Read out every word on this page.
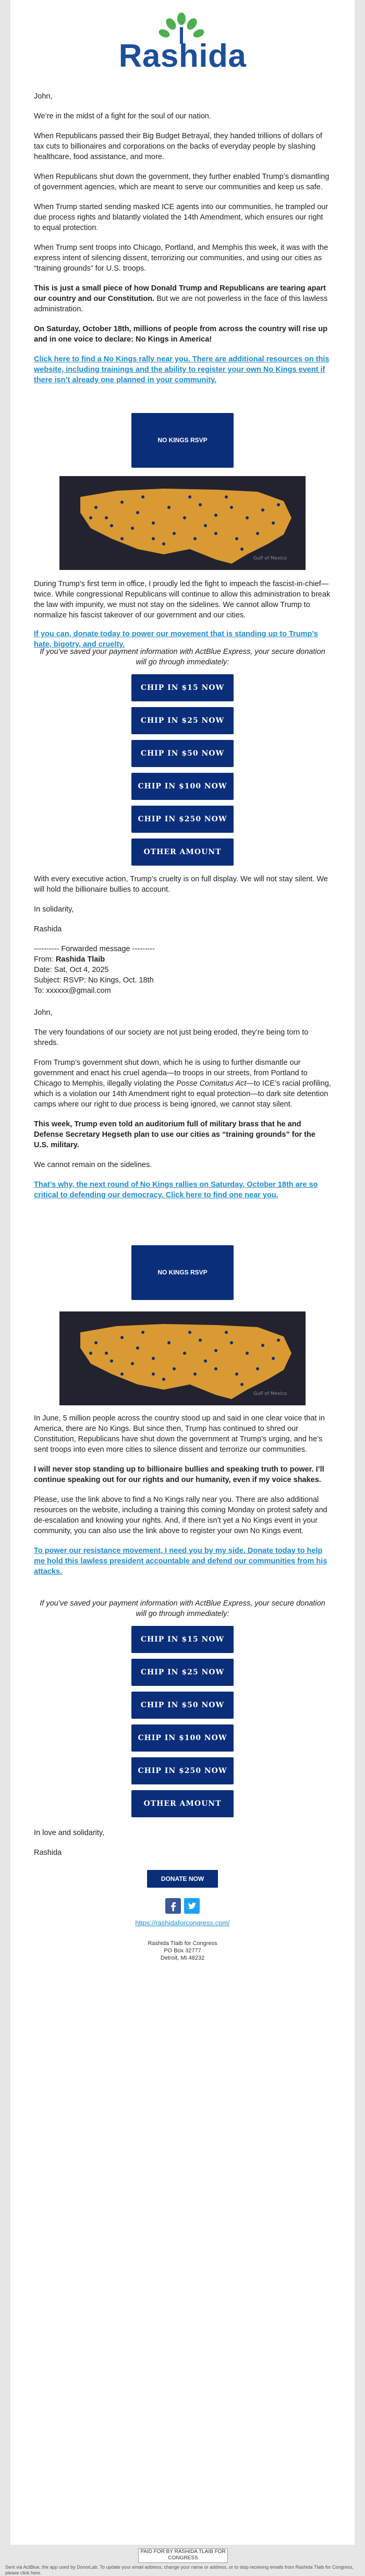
Rashida

John,

We’re in the midst of a fight for the soul of our nation.

When Republicans passed their Big Budget Betrayal, they handed trillions of dollars of tax cuts to billionaires and corporations on the backs of everyday people by slashing healthcare, food assistance, and more.

When Republicans shut down the government, they further enabled Trump’s dismantling of government agencies, which are meant to serve our communities and keep us safe.

When Trump started sending masked ICE agents into our communities, he trampled our due process rights and blatantly violated the 14th Amendment, which ensures our right to equal protection.

When Trump sent troops into Chicago, Portland, and Memphis this week, it was with the express intent of silencing dissent, terrorizing our communities, and using our cities as “training grounds” for U.S. troops.

This is just a small piece of how Donald Trump and Republicans are tearing apart our country and our Constitution. But we are not powerless in the face of this lawless administration.

On Saturday, October 18th, millions of people from across the country will rise up and in one voice to declare: No Kings in America!

Click here to find a No Kings rally near you. There are additional resources on this website, including trainings and the ability to register your own No Kings event if there isn’t already one planned in your community.

NO KINGS RSVP
Gulf of Mexico

During Trump’s first term in office, I proudly led the fight to impeach the fascist-in-chief—twice. While congressional Republicans will continue to allow this administration to break the law with impunity, we must not stay on the sidelines. We cannot allow Trump to normalize his fascist takeover of our government and our cities.

If you can, donate today to power our movement that is standing up to Trump’s hate, bigotry, and cruelty.

If you’ve saved your payment information with ActBlue Express, your secure donation will go through immediately:
CHIP IN $15 NOW
CHIP IN $25 NOW
CHIP IN $50 NOW
CHIP IN $100 NOW
CHIP IN $250 NOW
OTHER AMOUNT

With every executive action, Trump’s cruelty is on full display. We will not stay silent. We will hold the billionaire bullies to account.

In solidarity,

Rashida

---------- Forwarded message ---------

From: Rashida Tlaib

Date: Sat, Oct 4, 2025

Subject: RSVP: No Kings, Oct. 18th

To: xxxxxx@gmail.com

John,

The very foundations of our society are not just being eroded, they’re being torn to shreds.

From Trump’s government shut down, which he is using to further dismantle our government and enact his cruel agenda—to troops in our streets, from Portland to Chicago to Memphis, illegally violating the Posse Comitatus Act—to ICE’s racial profiling, which is a violation our 14th Amendment right to equal protection—to dark site detention camps where our right to due process is being ignored, we cannot stay silent.

This week, Trump even told an auditorium full of military brass that he and Defense Secretary Hegseth plan to use our cities as “training grounds” for the U.S. military.

We cannot remain on the sidelines.

That’s why, the next round of No Kings rallies on Saturday, October 18th are so critical to defending our democracy. Click here to find one near you.

NO KINGS RSVP
Gulf of Mexico

In June, 5 million people across the country stood up and said in one clear voice that in America, there are No Kings. But since then, Trump has continued to shred our Constitution, Republicans have shut down the government at Trump’s urging, and he’s sent troops into even more cities to silence dissent and terrorize our communities.

I will never stop standing up to billionaire bullies and speaking truth to power. I’ll continue speaking out for our rights and our humanity, even if my voice shakes.

Please, use the link above to find a No Kings rally near you. There are also additional resources on the website, including a training this coming Monday on protest safety and de-escalation and knowing your rights. And, if there isn’t yet a No Kings event in your community, you can also use the link above to register your own No Kings event.

To power our resistance movement, I need you by my side. Donate today to help me hold this lawless president accountable and defend our communities from his attacks.

If you’ve saved your payment information with ActBlue Express, your secure donation will go through immediately:
CHIP IN $15 NOW
CHIP IN $25 NOW
CHIP IN $50 NOW
CHIP IN $100 NOW
CHIP IN $250 NOW
OTHER AMOUNT

In love and solidarity,

Rashida

DONATE NOW
https://rashidaforcongress.com/
Rashida Tlaib for Congress
PO Box 32777
Detroit, MI 48232
PAID FOR BY RASHIDA TLAIB FOR CONGRESS
Sent via ActBlue, the app used by DonorLab. To update your email address, change your name or address, or to stop receiving emails from Rashida Tlaib for Congress, please click here.
